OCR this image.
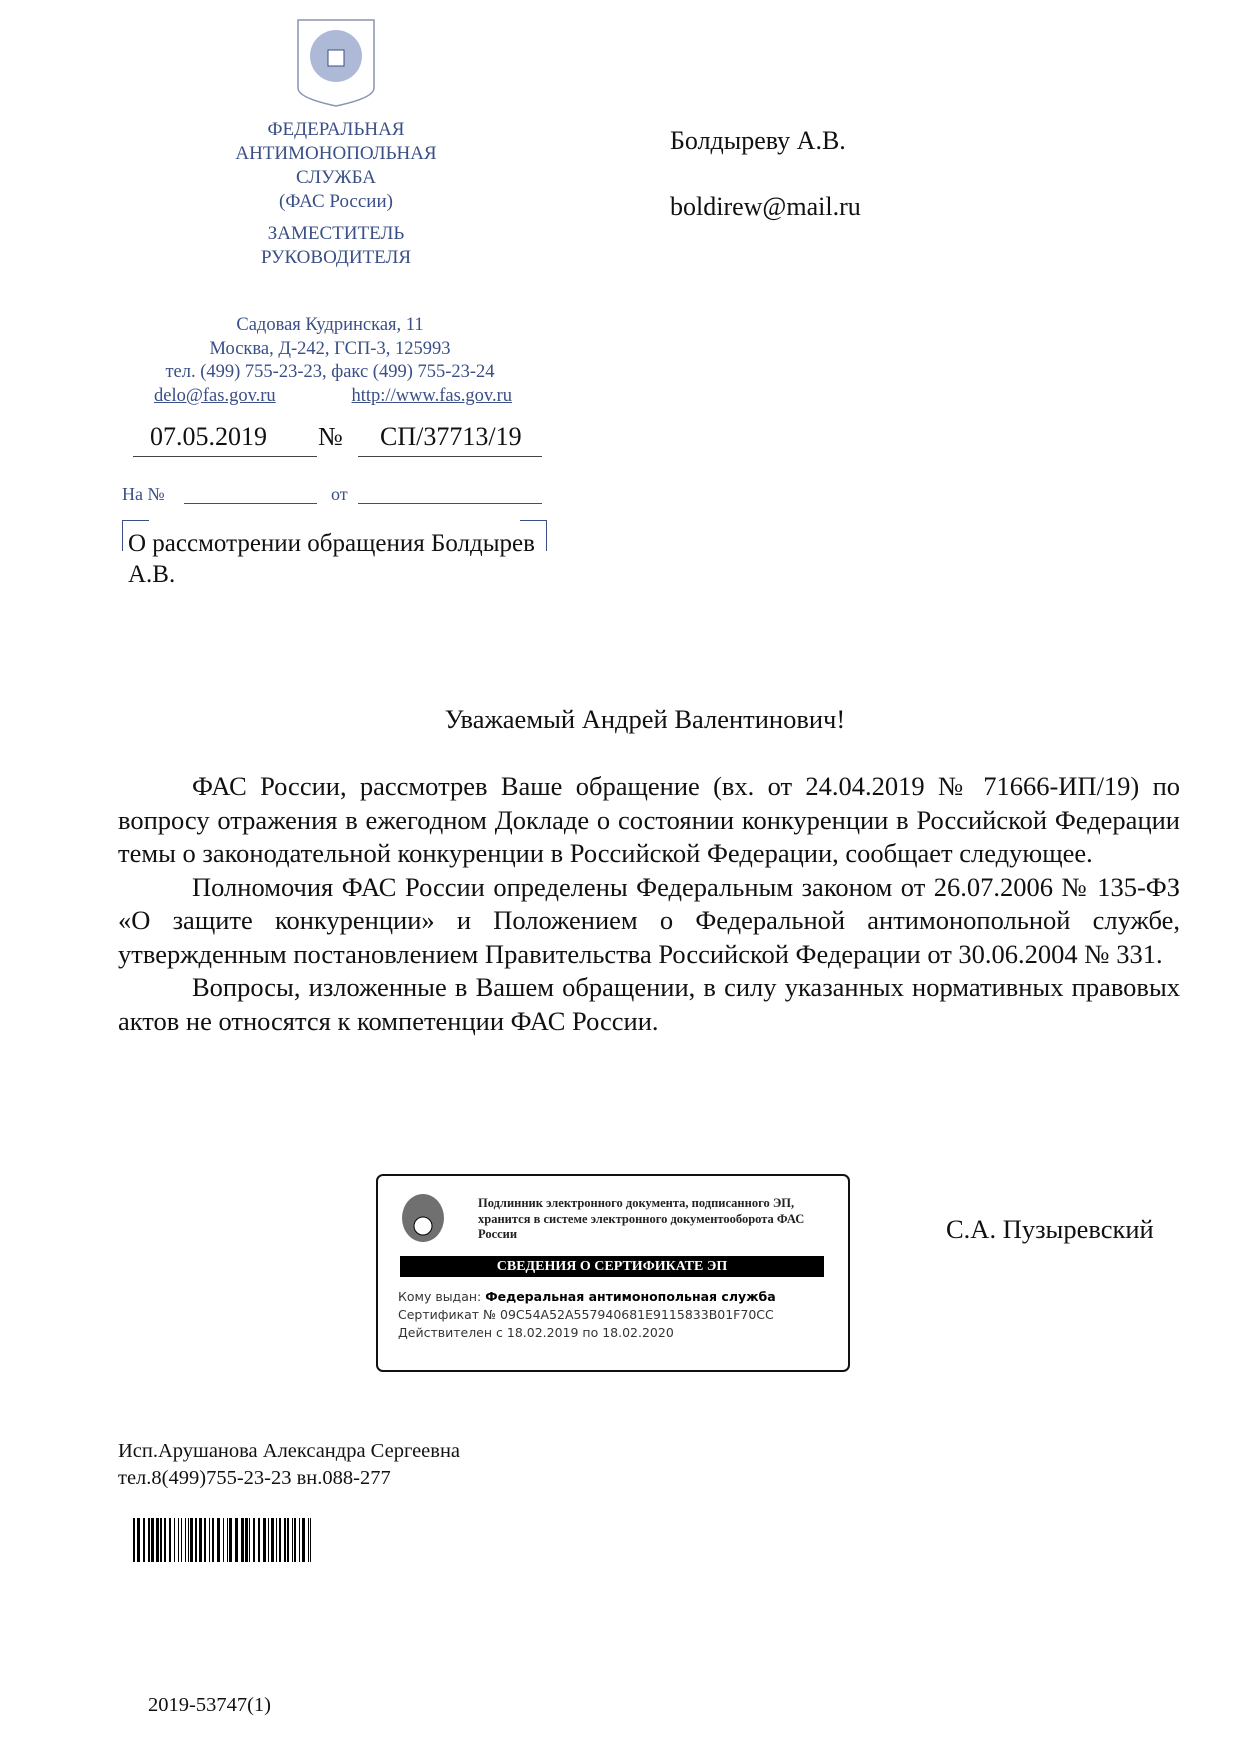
ФЕДЕРАЛЬНАЯ
АНТИМОНОПОЛЬНАЯ
СЛУЖБА
(ФАС России)
ЗАМЕСТИТЕЛЬ
РУКОВОДИТЕЛЯ
Садовая Кудринская, 11
Москва, Д-242, ГСП-3, 125993
тел. (499) 755-23-23, факс (499) 755-23-24
delo@fas.gov.ru	http://www.fas.gov.ru
Болдыреву А.В.
boldirew@mail.ru
07.05.2019 № СП/37713/19
На №	от
О рассмотрении обращения Болдырев
А.В.
Уважаемый Андрей Валентинович!

ФАС России, рассмотрев Ваше обращение (вх. от 24.04.2019 № 71666-ИП/19) по вопросу отражения в ежегодном Докладе о состоянии конкуренции в Российской Федерации темы о законодательной конкуренции в Российской Федерации, сообщает следующее.

Полномочия ФАС России определены Федеральным законом от 26.07.2006 № 135-ФЗ «О защите конкуренции» и Положением о Федеральной антимонопольной службе, утвержденным постановлением Правительства Российской Федерации от 30.06.2004 № 331.

Вопросы, изложенные в Вашем обращении, в силу указанных нормативных правовых актов не относятся к компетенции ФАС России.

Подлинник электронного документа, подписанного ЭП, хранится в системе электронного документооборота ФАС России
СВЕДЕНИЯ О СЕРТИФИКАТЕ ЭП
Кому выдан: Федеральная антимонопольная служба
Сертификат № 09C54A52A557940681E9115833B01F70CC
Действителен с 18.02.2019 по 18.02.2020
С.А. Пузыревский
Исп.Арушанова Александра Сергеевна
тел.8(499)755-23-23 вн.088-277
2019-53747(1)
